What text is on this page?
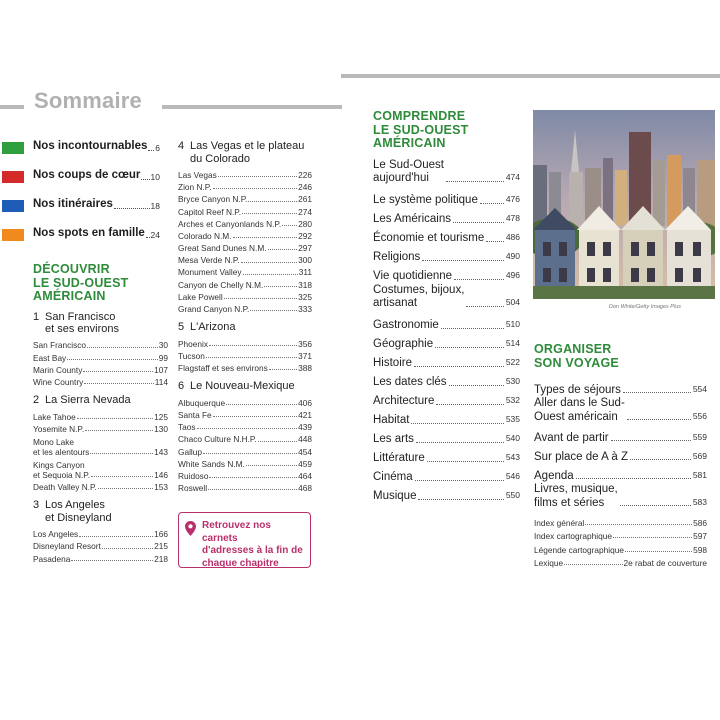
Sommaire
Nos incontournables 6
Nos coups de cœur 10
Nos itinéraires	18
Nos spots en famille 24
DÉCOUVRIR
LE SUD-OUEST
AMÉRICAIN
1 San Francisco
et ses environs
San Francisco	30
East Bay	99
Marin County	107
Wine Country	114
2 La Sierra Nevada
Lake Tahoe	125
Yosemite N.P.	130
Mono Lake
et les alentours	143
Kings Canyon
et Sequoia N.P.	146
Death Valley N.P.	153
3 Los Angeles
et Disneyland
Los Angeles	166
Disneyland Resort	215
Pasadena	218
4 Las Vegas et le plateau
du Colorado
Las Vegas	226
Zion N.P.	246
Bryce Canyon N.P.	261
Capitol Reef N.P.	274
Arches et Canyonlands N.P. 280
Colorado N.M.	292
Great Sand Dunes N.M.	297
Mesa Verde N.P.	300
Monument Valley	311
Canyon de Chelly N.M.	318
Lake Powell	325
Grand Canyon N.P.	333
5 L'Arizona
Phoenix	356
Tucson	371
Flagstaff et ses environs	388
6 Le Nouveau-Mexique
Albuquerque	406
Santa Fe	421
Taos	439
Chaco Culture N.H.P.	448
Gallup	454
White Sands N.M.	459
Ruidoso	464
Roswell	468
Retrouvez nos carnets
d'adresses à la fin de
chaque chapitre
COMPRENDRE
LE SUD-OUEST
AMÉRICAIN
Le Sud-Ouest
aujourd'hui	474
Le système politique	476
Les Américains	478
Économie et tourisme	486
Religions	490
Vie quotidienne	496
Costumes, bijoux,
artisanat	504
Gastronomie	510
Géographie	514
Histoire	522
Les dates clés	530
Architecture	532
Habitat	535
Les arts	540
Littérature	543
Cinéma	546
Musique	550
Don White/Getty Images Plus
ORGANISER
SON VOYAGE
Types de séjours	554
Aller dans le Sud-
Ouest américain	556
Avant de partir	559
Sur place de A à Z	569
Agenda	581
Livres, musique,
films et séries	583
Index général	586
Index cartographique	597
Légende cartographique	598
Lexique	2e rabat de couverture
